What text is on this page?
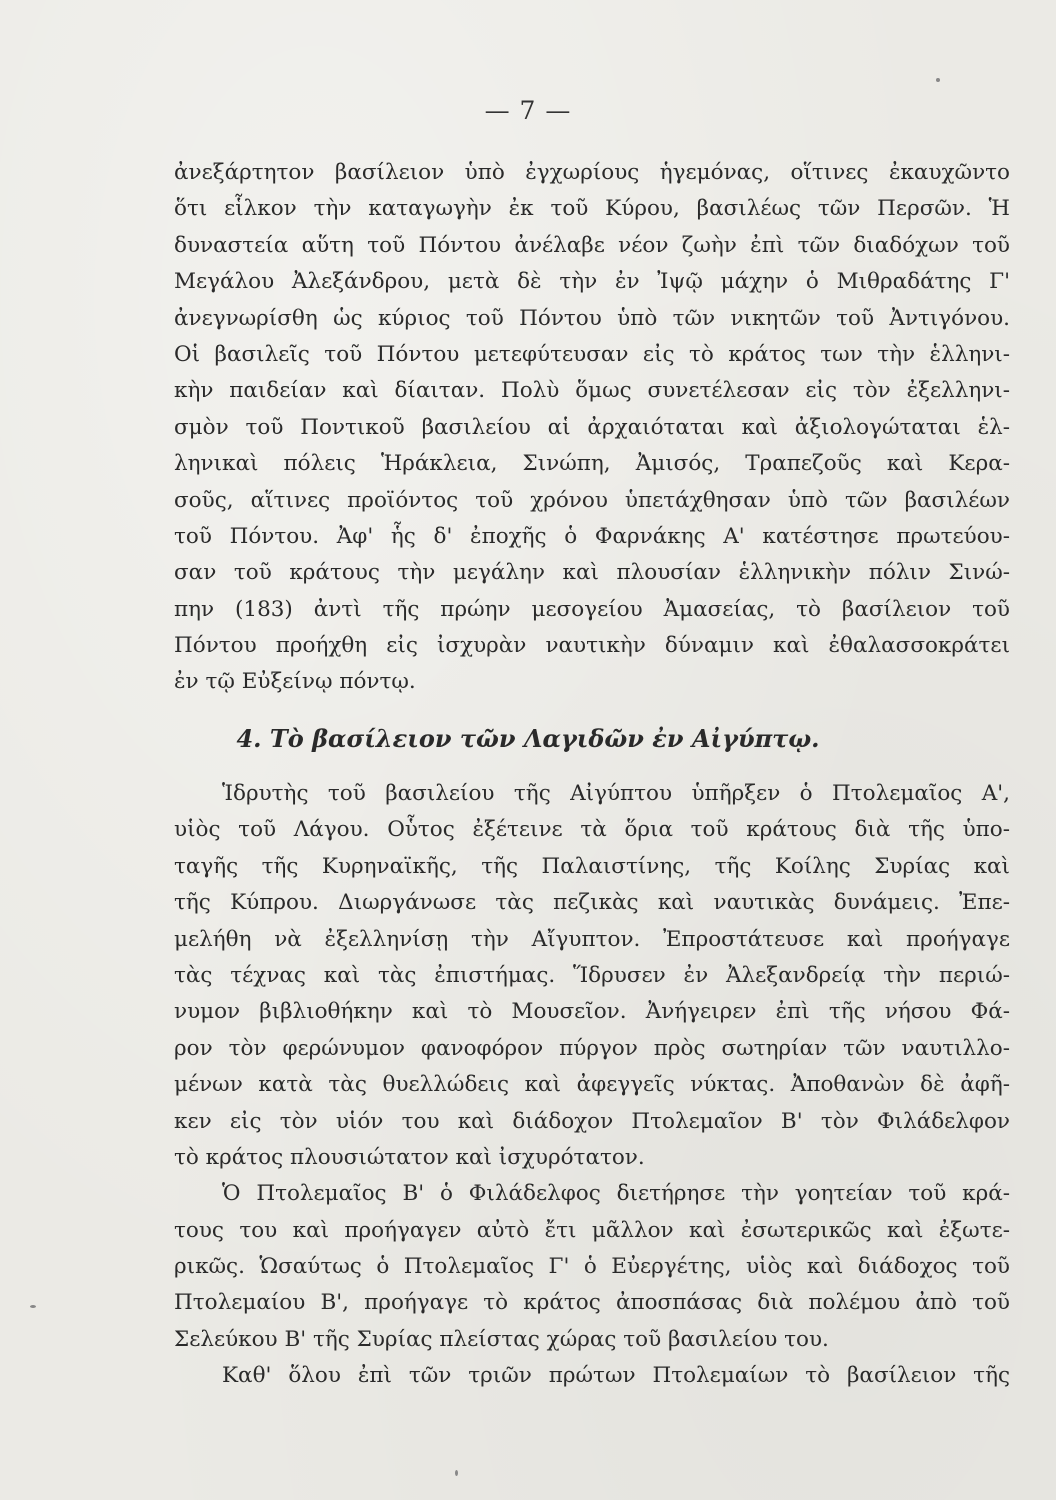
— 7 —
ἀνεξάρτητον βασίλειον ὑπὸ ἐγχωρίους ἡγεμόνας, οἵτινες ἐκαυχῶντο
ὅτι εἷλκον τὴν καταγωγὴν ἐκ τοῦ Κύρου, βασιλέως τῶν Περσῶν. Ἡ
δυναστεία αὕτη τοῦ Πόντου ἀνέλαβε νέον ζωὴν ἐπὶ τῶν διαδόχων τοῦ
Μεγάλου Ἀλεξάνδρου, μετὰ δὲ τὴν ἐν Ἰψῷ μάχην ὁ Μιθραδάτης Γ'
ἀνεγνωρίσθη ὡς κύριος τοῦ Πόντου ὑπὸ τῶν νικητῶν τοῦ Ἀντιγόνου.
Οἱ βασιλεῖς τοῦ Πόντου μετεφύτευσαν εἰς τὸ κράτος των τὴν ἑλληνι-
κὴν παιδείαν καὶ δίαιταν. Πολὺ ὅμως συνετέλεσαν εἰς τὸν ἐξελληνι-
σμὸν τοῦ Ποντικοῦ βασιλείου αἱ ἀρχαιόταται καὶ ἀξιολογώταται ἑλ-
ληνικαὶ πόλεις Ἡράκλεια, Σινώπη, Ἀμισός, Τραπεζοῦς καὶ Κερα-
σοῦς, αἵτινες προϊόντος τοῦ χρόνου ὑπετάχθησαν ὑπὸ τῶν βασιλέων
τοῦ Πόντου. Ἀφ' ἧς δ' ἐποχῆς ὁ Φαρνάκης Α' κατέστησε πρωτεύου-
σαν τοῦ κράτους τὴν μεγάλην καὶ πλουσίαν ἑλληνικὴν πόλιν Σινώ-
πην (183) ἀντὶ τῆς πρώην μεσογείου Ἀμασείας, τὸ βασίλειον τοῦ
Πόντου προήχθη εἰς ἰσχυρὰν ναυτικὴν δύναμιν καὶ ἐθαλασσοκράτει
ἐν τῷ Εὐξείνῳ πόντῳ.
4. Τὸ βασίλειον τῶν Λαγιδῶν ἐν Αἰγύπτῳ.
Ἱδρυτὴς τοῦ βασιλείου τῆς Αἰγύπτου ὑπῆρξεν ὁ Πτολεμαῖος Α',
υἱὸς τοῦ Λάγου. Οὗτος ἐξέτεινε τὰ ὅρια τοῦ κράτους διὰ τῆς ὑπο-
ταγῆς τῆς Κυρηναϊκῆς, τῆς Παλαιστίνης, τῆς Κοίλης Συρίας καὶ
τῆς Κύπρου. Διωργάνωσε τὰς πεζικὰς καὶ ναυτικὰς δυνάμεις. Ἐπε-
μελήθη νὰ ἐξελληνίσῃ τὴν Αἴγυπτον. Ἐπροστάτευσε καὶ προήγαγε
τὰς τέχνας καὶ τὰς ἐπιστήμας. Ἵδρυσεν ἐν Ἀλεξανδρείᾳ τὴν περιώ-
νυμον βιβλιοθήκην καὶ τὸ Μουσεῖον. Ἀνήγειρεν ἐπὶ τῆς νήσου Φά-
ρον τὸν φερώνυμον φανοφόρον πύργον πρὸς σωτηρίαν τῶν ναυτιλλο-
μένων κατὰ τὰς θυελλώδεις καὶ ἀφεγγεῖς νύκτας. Ἀποθανὼν δὲ ἀφῆ-
κεν εἰς τὸν υἱόν του καὶ διάδοχον Πτολεμαῖον Β' τὸν Φιλάδελφον
τὸ κράτος πλουσιώτατον καὶ ἰσχυρότατον.
Ὁ Πτολεμαῖος Β' ὁ Φιλάδελφος διετήρησε τὴν γοητείαν τοῦ κρά-
τους του καὶ προήγαγεν αὐτὸ ἔτι μᾶλλον καὶ ἐσωτερικῶς καὶ ἐξωτε-
ρικῶς. Ὡσαύτως ὁ Πτολεμαῖος Γ' ὁ Εὐεργέτης, υἱὸς καὶ διάδοχος τοῦ
Πτολεμαίου Β', προήγαγε τὸ κράτος ἀποσπάσας διὰ πολέμου ἀπὸ τοῦ
Σελεύκου Β' τῆς Συρίας πλείστας χώρας τοῦ βασιλείου του.
Καθ' ὅλου ἐπὶ τῶν τριῶν πρώτων Πτολεμαίων τὸ βασίλειον τῆς
